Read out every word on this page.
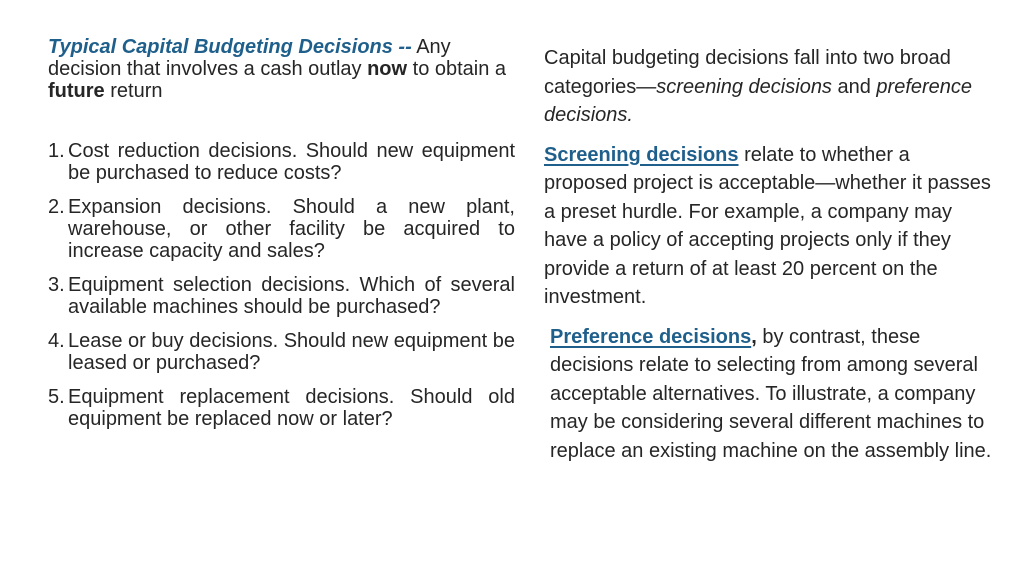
Typical Capital Budgeting Decisions -- Any decision that involves a cash outlay now to obtain a future return
1. Cost reduction decisions. Should new equipment be purchased to reduce costs?
2. Expansion decisions. Should a new plant, warehouse, or other facility be acquired to increase capacity and sales?
3. Equipment selection decisions. Which of several available machines should be purchased?
4. Lease or buy decisions. Should new equipment be leased or purchased?
5. Equipment replacement decisions. Should old equipment be replaced now or later?

Capital budgeting decisions fall into two broad categories—screening decisions and preference decisions.

Screening decisions relate to whether a proposed project is acceptable—whether it passes a preset hurdle. For example, a company may have a policy of accepting projects only if they provide a return of at least 20 percent on the investment.

Preference decisions, by contrast, these decisions relate to selecting from among several acceptable alternatives. To illustrate, a company may be considering several different machines to replace an existing machine on the assembly line.
